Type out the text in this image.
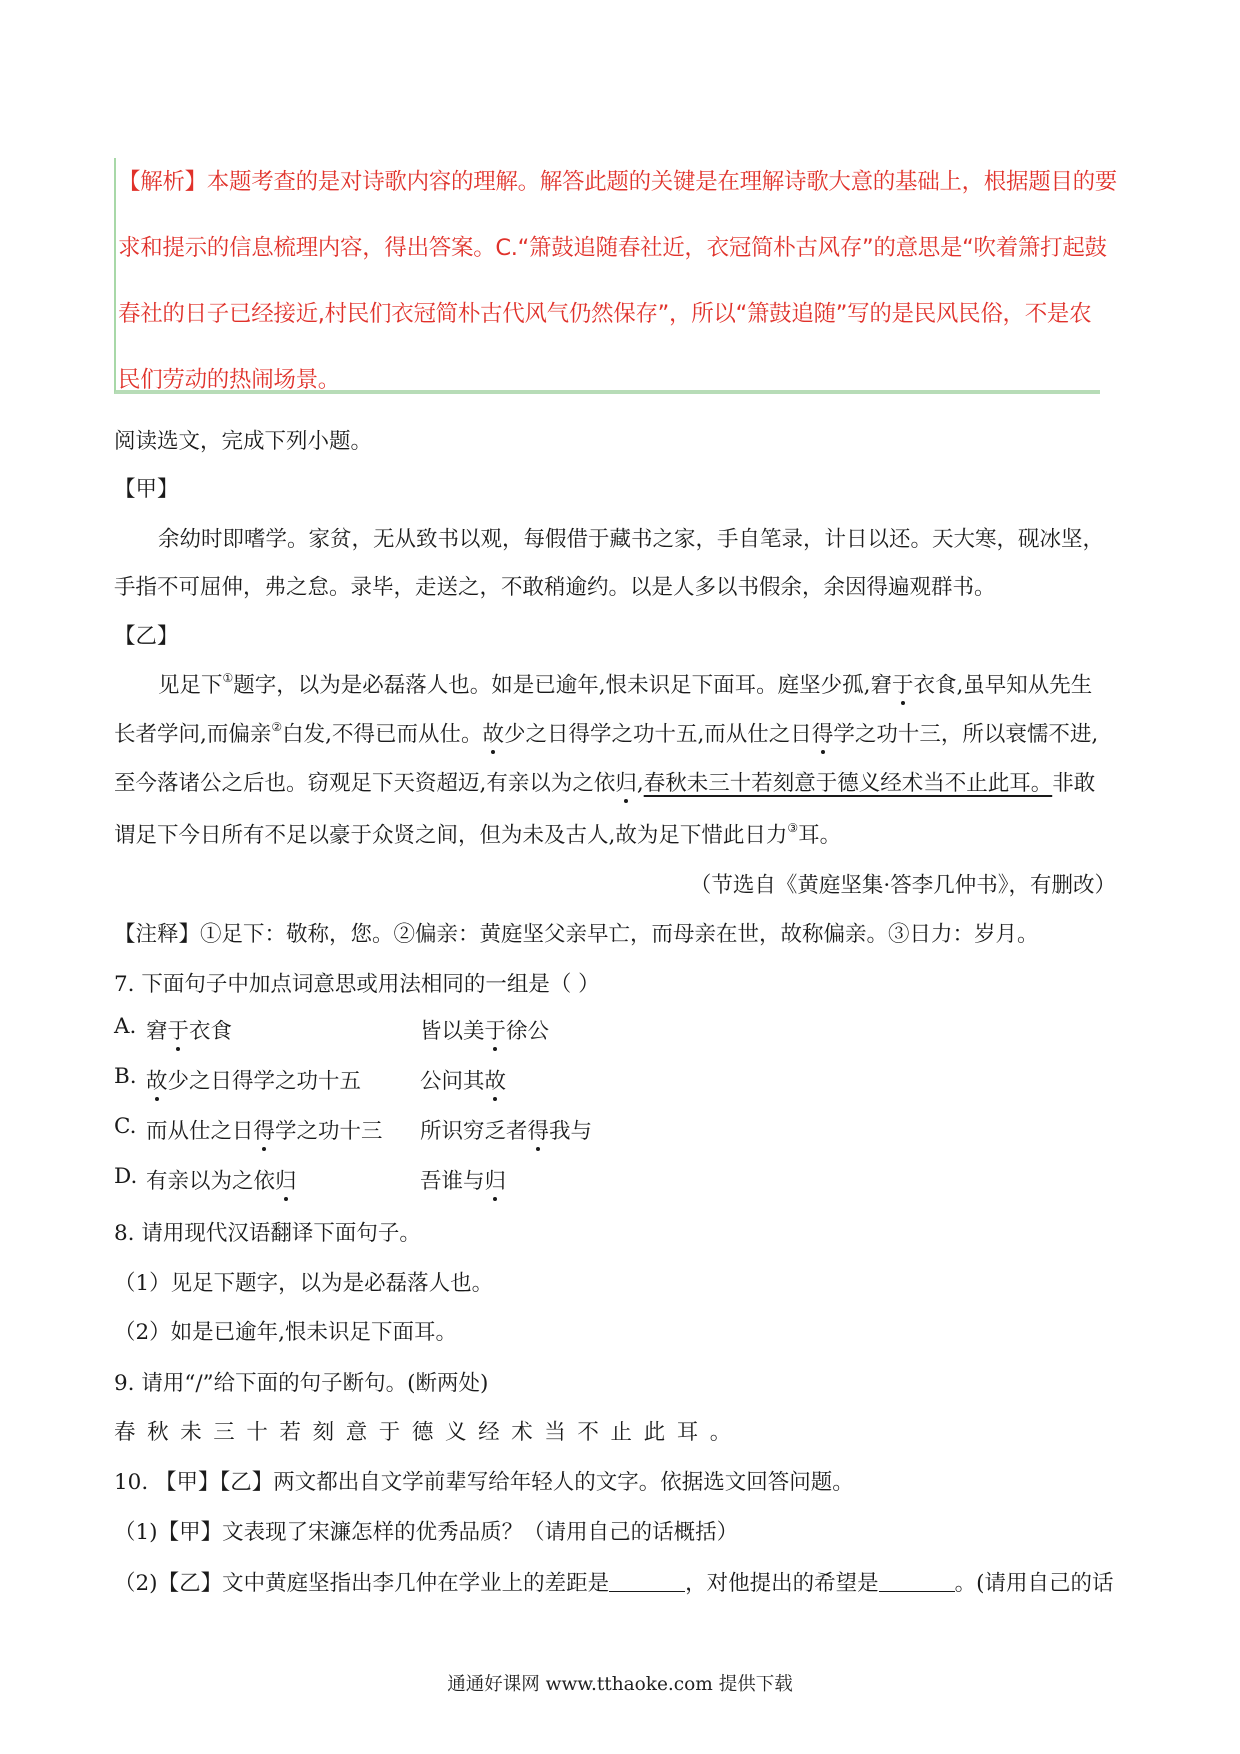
【解析】本题考查的是对诗歌内容的理解。解答此题的关键是在理解诗歌大意的基础上，根据题目的要
求和提示的信息梳理内容，得出答案。C.“箫鼓追随春社近，衣冠简朴古风存”的意思是“吹着箫打起鼓
春社的日子已经接近,村民们衣冠简朴古代风气仍然保存”，所以“箫鼓追随”写的是民风民俗，不是农
民们劳动的热闹场景。
阅读选文，完成下列小题。
【甲】
余幼时即嗜学。家贫，无从致书以观，每假借于藏书之家，手自笔录，计日以还。天大寒，砚冰坚，
手指不可屈伸，弗之怠。录毕，走送之，不敢稍逾约。以是人多以书假余，余因得遍观群书。
【乙】
见足下①题字，以为是必磊落人也。如是已逾年,恨未识足下面耳。庭坚少孤,窘于衣食,虽早知从先生
长者学问,而偏亲②白发,不得已而从仕。故少之日得学之功十五,而从仕之日得学之功十三，所以衰懦不进,
至今落诸公之后也。窃观足下天资超迈,有亲以为之依归,春秋未三十若刻意于德义经术当不止此耳。非敢
谓足下今日所有不足以豪于众贤之间，但为未及古人,故为足下惜此日力③耳。
（节选自《黄庭坚集·答李几仲书》，有删改）
【注释】①足下：敬称，您。②偏亲：黄庭坚父亲早亡，而母亲在世，故称偏亲。③日力：岁月。
7. 下面句子中加点词意思或用法相同的一组是（ ）
A. 窘于衣食	皆以美于徐公
B. 故少之日得学之功十五	公问其故
C. 而从仕之日得学之功十三 所识穷乏者得我与
D. 有亲以为之依归	吾谁与归
8. 请用现代汉语翻译下面句子。
（1）见足下题字，以为是必磊落人也。
（2）如是已逾年,恨未识足下面耳。
9. 请用“/”给下面的句子断句。(断两处)
春秋未三十若刻意于德义经术当不止此耳。
10. 【甲】【乙】两文都出自文学前辈写给年轻人的文字。依据选文回答问题。
（1)【甲】文表现了宋濂怎样的优秀品质？（请用自己的话概括）
（2)【乙】文中黄庭坚指出李几仲在学业上的差距是	，对他提出的希望是	。(请用自己的话
通通好课网 www.tthaoke.com 提供下载
